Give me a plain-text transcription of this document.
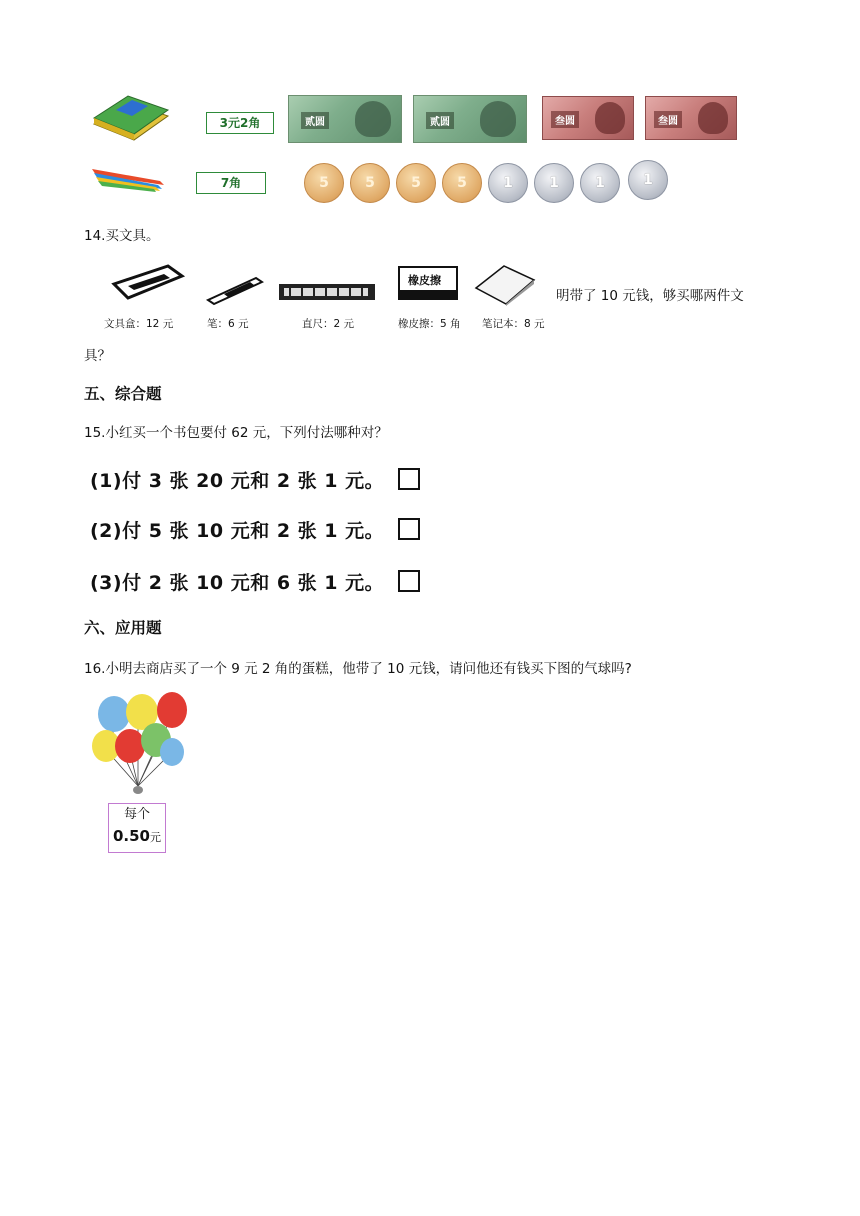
3元2角	贰圆	贰圆	叁圆	叁圆
7角	5	5	5	5	1	1	1	1
14.买文具。
文具盒：12 元	笔：6 元	直尺：2 元
橡皮擦
橡皮擦：5 角 笔记本：8 元
明带了 10 元钱，够买哪两件文
具？
五、综合题
15.小红买一个书包要付 62 元，下列付法哪种对？
(1)付 3 张 20 元和 2 张 1 元。
(2)付 5 张 10 元和 2 张 1 元。
(3)付 2 张 10 元和 6 张 1 元。
六、应用题
16.小明去商店买了一个 9 元 2 角的蛋糕，他带了 10 元钱，请问他还有钱买下图的气球吗?
每个
0.50元
